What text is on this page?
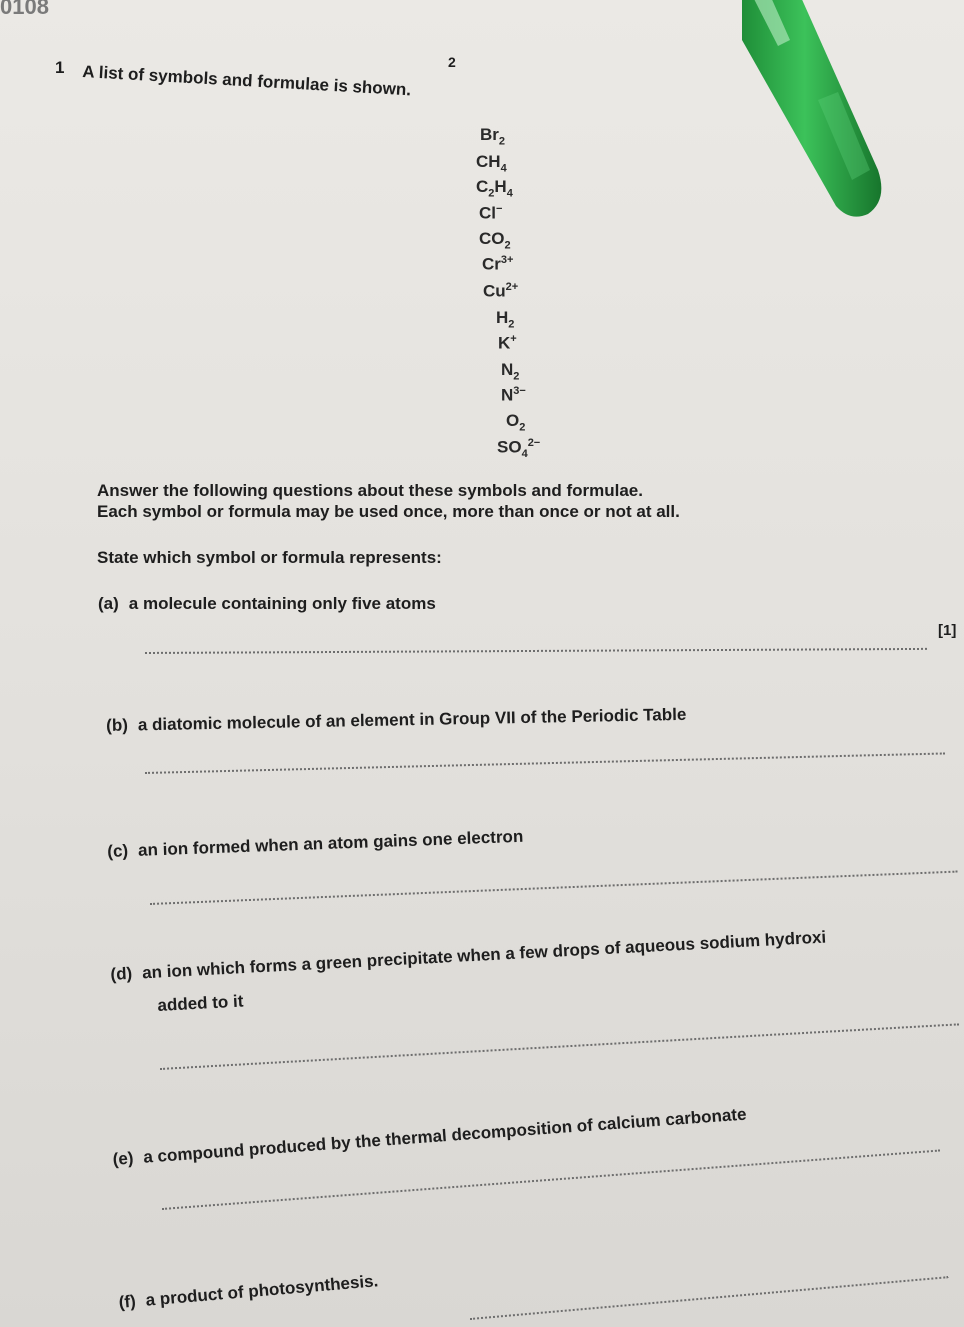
0108
2
1 A list of symbols and formulae is shown.
$Br_2$
$CH_4$
$C_2H_4$
Cl−
$CO_2$
$Cr^{3+}$
$Cu^{2+}$
$H_2$
K+
$N_2$
$N^{3-}$
$O_2$
$SO_4^{2-}$
Answer the following questions about these symbols and formulae.
Each symbol or formula may be used once, more than once or not at all.
State which symbol or formula represents:
(a) a molecule containing only five atoms
[1]
(b) a diatomic molecule of an element in Group VII of the Periodic Table
(c) an ion formed when an atom gains one electron
(d) an ion which forms a green precipitate when a few drops of aqueous sodium hydroxi
added to it
(e) a compound produced by the thermal decomposition of calcium carbonate
(f) a product of photosynthesis.
